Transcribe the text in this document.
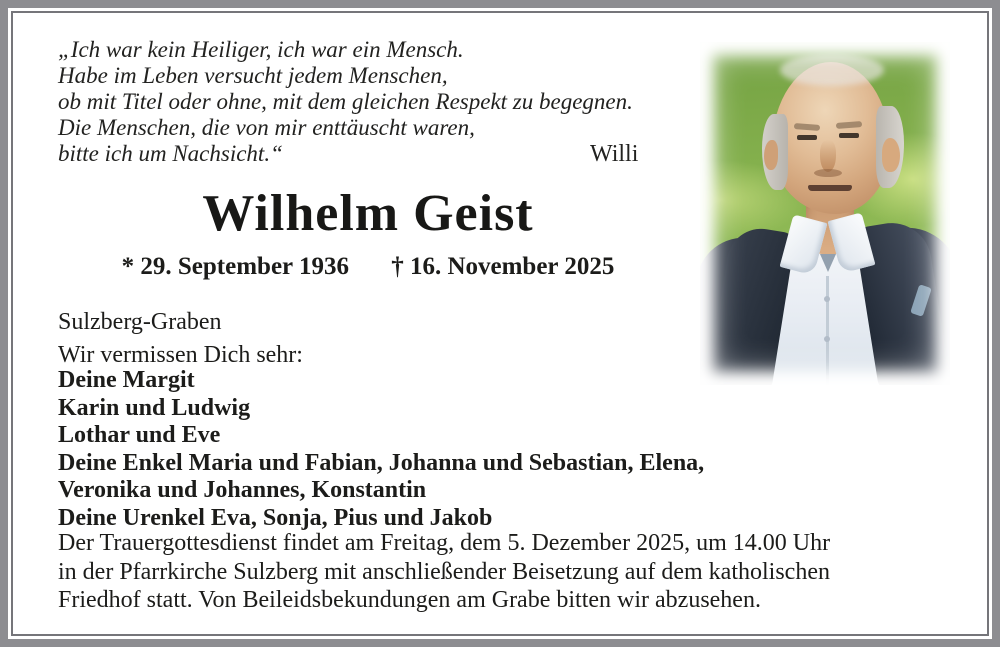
„Ich war kein Heiliger, ich war ein Mensch.
Habe im Leben versucht jedem Menschen,
ob mit Titel oder ohne, mit dem gleichen Respekt zu begegnen.
Die Menschen, die von mir enttäuscht waren,
bitte ich um Nachsicht.“	Willi
Wilhelm Geist
* 29. September 1936 † 16. November 2025
Sulzberg-Graben
Wir vermissen Dich sehr:
Deine Margit
Karin und Ludwig
Lothar und Eve
Deine Enkel Maria und Fabian, Johanna und Sebastian, Elena,
Veronika und Johannes, Konstantin
Deine Urenkel Eva, Sonja, Pius und Jakob
Der Trauergottesdienst findet am Freitag, dem 5. Dezember 2025, um 14.00 Uhr
in der Pfarrkirche Sulzberg mit anschließender Beisetzung auf dem katholischen
Friedhof statt. Von Beileidsbekundungen am Grabe bitten wir abzusehen.
